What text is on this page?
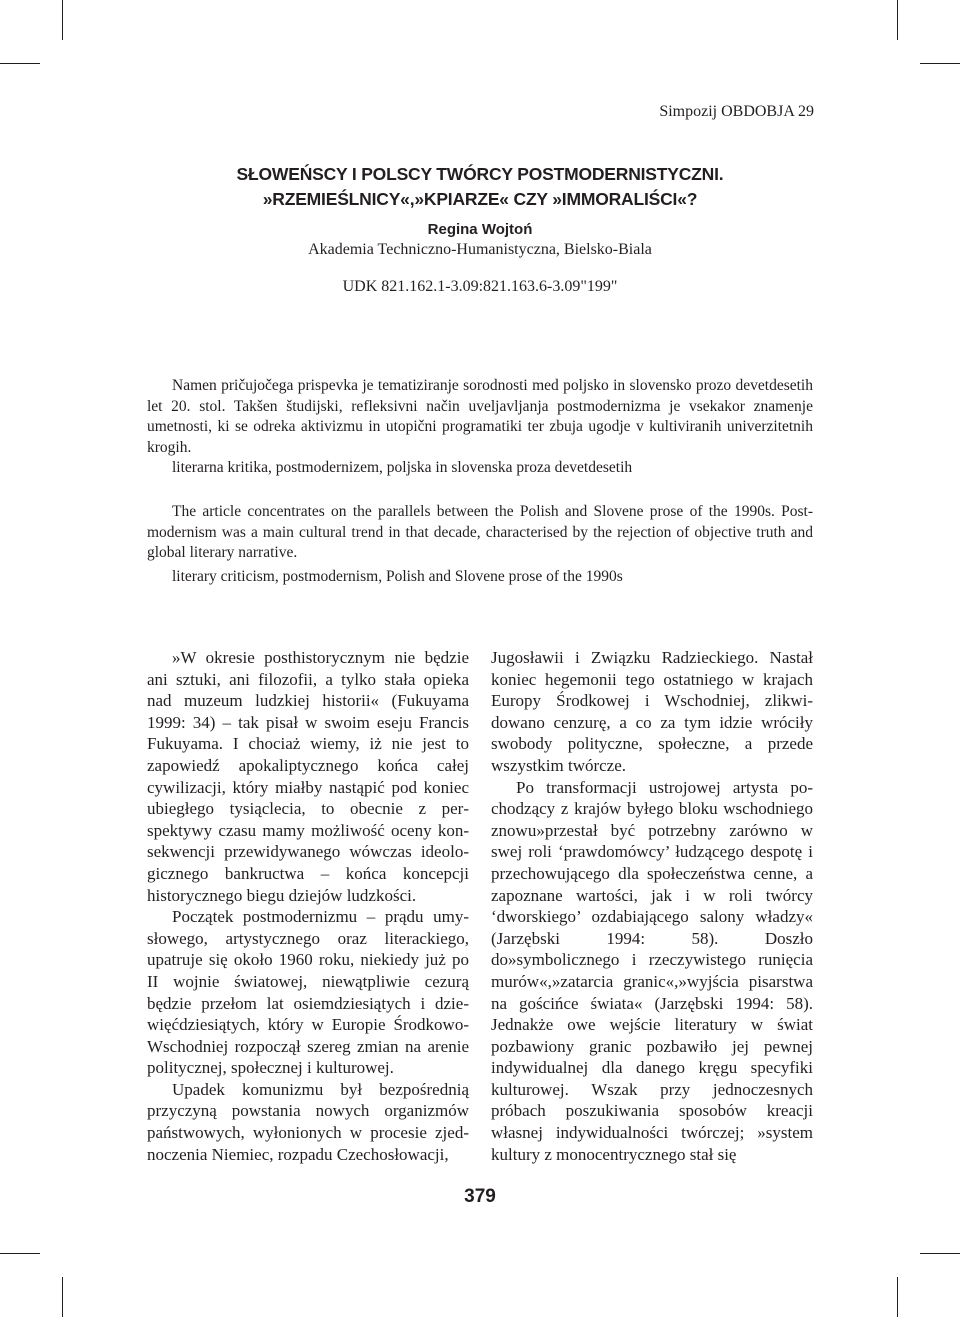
Simpozij OBDOBJA 29
SŁOWEŃSCY I POLSCY TWÓRCY POSTMODERNISTYCZNI.
»RZEMIEŚLNICY«,»KPIARZE« CZY »IMMORALIŚCI«?
Regina Wojtoń
Akademia Techniczno-Humanistyczna, Bielsko-Biala
UDK 821.162.1-3.09:821.163.6-3.09"199"

Namen pričujočega prispevka je tematiziranje sorodnosti med poljsko in slovensko prozo devetdesetih let 20. stol. Takšen študijski, refleksivni način uveljavljanja postmodernizma je vsekakor znamenje umetnosti, ki se odreka aktivizmu in utopični programatiki ter zbuja ugodje v kultiviranih univerzitetnih krogih.

literarna kritika, postmodernizem, poljska in slovenska proza devetdesetih

The article concentrates on the parallels between the Polish and Slovene prose of the 1990s. Postmodernism was a main cultural trend in that decade, characterised by the rejection of objective truth and global literary narrative.

literary criticism, postmodernism, Polish and Slovene prose of the 1990s

»W okresie posthistorycznym nie będzie ani sztuki, ani filozofii, a tylko stała opieka nad muzeum ludzkiej historii« (Fukuyama 1999: 34) – tak pisał w swoim eseju Francis Fukuyama. I chociaż wiemy, iż nie jest to zapowiedź apokaliptycznego końca całej cywilizacji, który miałby nastąpić pod koniec ubiegłego tysiąclecia, to obecnie z perspektywy czasu mamy możliwość oceny konsekwencji przewidywanego wówczas ideologicznego bankructwa – końca koncepcji historycznego biegu dziejów ludzkości.

Początek postmodernizmu – prądu umysłowego, artystycznego oraz literackiego, upatruje się około 1960 roku, niekiedy już po II wojnie światowej, niewątpliwie cezurą będzie przełom lat osiemdziesiątych i dziewięćdziesiątych, który w Europie Środkowo-Wschodniej rozpoczął szereg zmian na arenie politycznej, społecznej i kulturowej.

Upadek komunizmu był bezpośrednią przyczyną powstania nowych organizmów państwowych, wyłonionych w procesie zjednoczenia Niemiec, rozpadu Czechosłowacji,

Jugosławii i Związku Radzieckiego. Nastał koniec hegemonii tego ostatniego w krajach Europy Środkowej i Wschodniej, zlikwidowano cenzurę, a co za tym idzie wróciły swobody polityczne, społeczne, a przede wszystkim twórcze.

Po transformacji ustrojowej artysta pochodzący z krajów byłego bloku wschodniego znowu»przestał być potrzebny zarówno w swej roli ‘prawdomówcy’ łudzącego despotę i przechowującego dla społeczeństwa cenne, a zapoznane wartości, jak i w roli twórcy ‘dworskiego’ ozdabiającego salony władzy« (Jarzębski 1994: 58). Doszło do»symbolicznego i rzeczywistego runięcia murów«,»zatarcia granic«,»wyjścia pisarstwa na gościńce świata« (Jarzębski 1994: 58). Jednakże owe wejście literatury w świat pozbawiony granic pozbawiło jej pewnej indywidualnej dla danego kręgu specyfiki kulturowej. Wszak przy jednoczesnych próbach poszukiwania sposobów kreacji własnej indywidualności twórczej; »system kultury z monocentrycznego stał się

379
